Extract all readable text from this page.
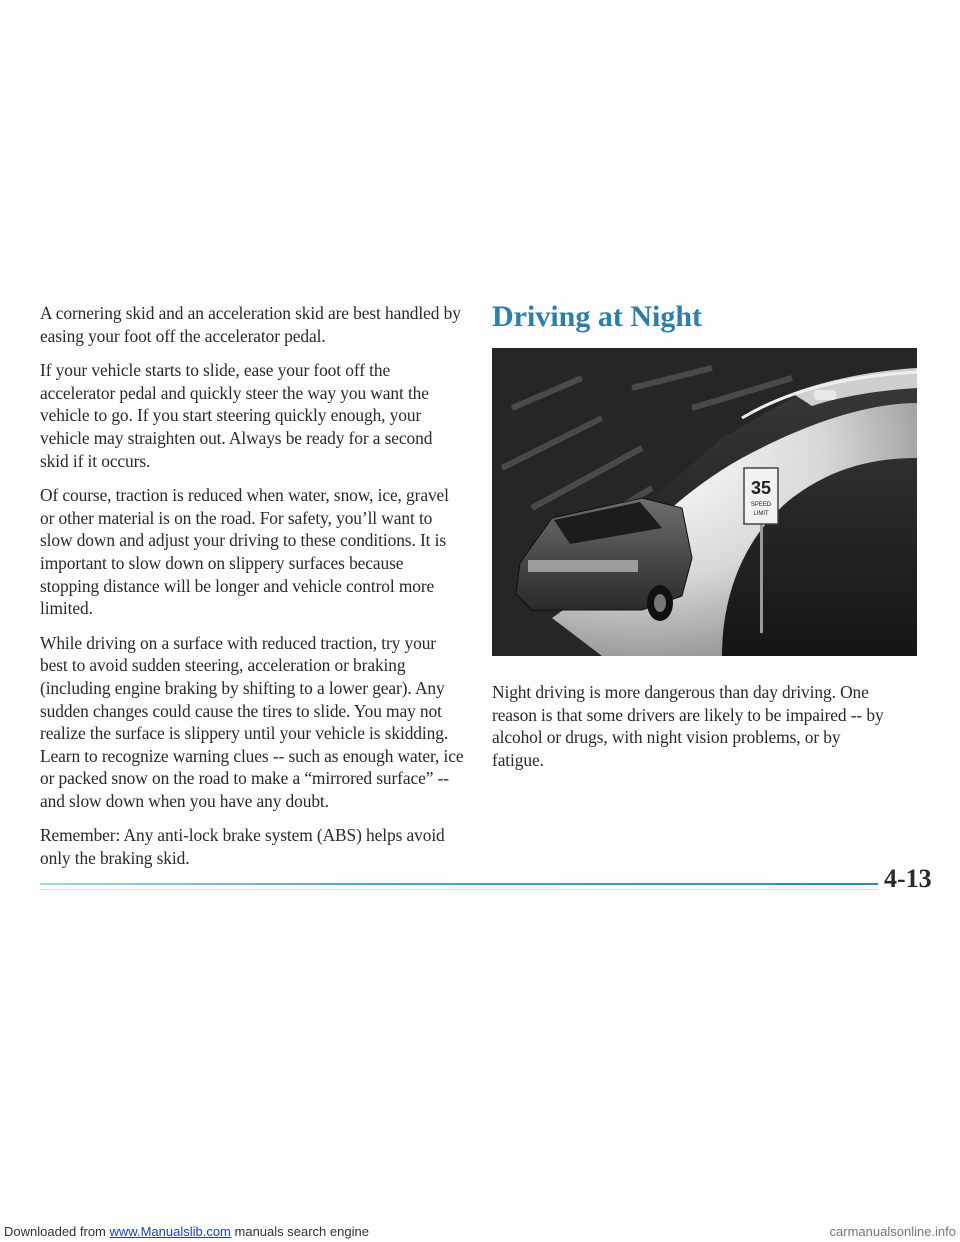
A cornering skid and an acceleration skid are best handled by easing your foot off the accelerator pedal.

If your vehicle starts to slide, ease your foot off the accelerator pedal and quickly steer the way you want the vehicle to go. If you start steering quickly enough, your vehicle may straighten out. Always be ready for a second skid if it occurs.

Of course, traction is reduced when water, snow, ice, gravel or other material is on the road. For safety, you’ll want to slow down and adjust your driving to these conditions. It is important to slow down on slippery surfaces because stopping distance will be longer and vehicle control more limited.

While driving on a surface with reduced traction, try your best to avoid sudden steering, acceleration or braking (including engine braking by shifting to a lower gear). Any sudden changes could cause the tires to slide. You may not realize the surface is slippery until your vehicle is skidding. Learn to recognize warning clues -- such as enough water, ice or packed snow on the road to make a “mirrored surface” -- and slow down when you have any doubt.

Remember: Any anti-lock brake system (ABS) helps avoid only the braking skid.

Driving at Night
35
SPEED
LIMIT

Night driving is more dangerous than day driving. One reason is that some drivers are likely to be impaired -- by alcohol or drugs, with night vision problems, or by fatigue.

4-13
Downloaded from www.Manualslib.com manuals search engine	carmanualsonline.info
